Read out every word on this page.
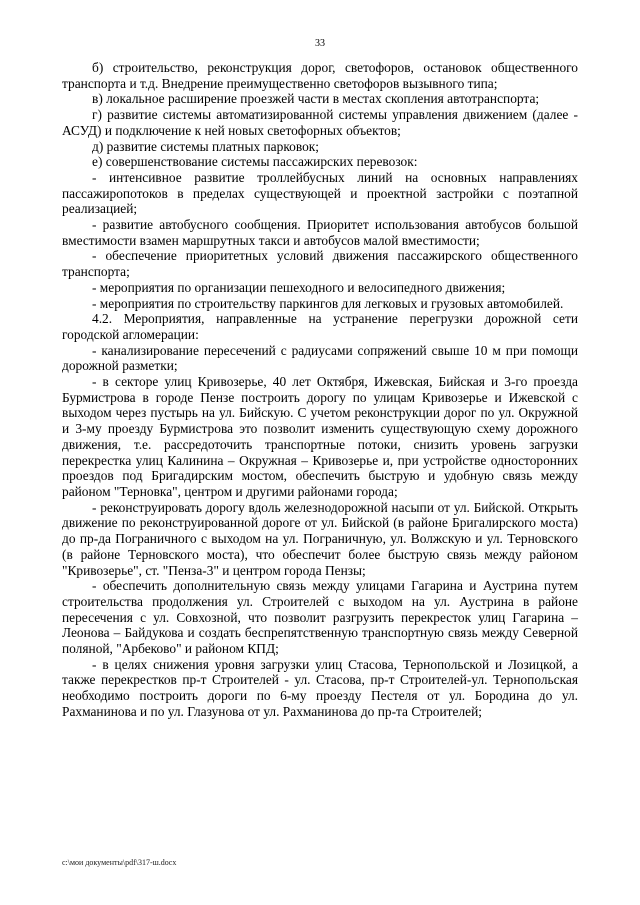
33

б) строительство, реконструкция дорог, светофоров, остановок общественного транспорта и т.д. Внедрение преимущественно светофоров вызывного типа;

в) локальное расширение проезжей части в местах скопления автотранспорта;

г) развитие системы автоматизированной системы управления движением (далее - АСУД) и подключение к ней новых светофорных объектов;

д) развитие системы платных парковок;

е) совершенствование системы пассажирских перевозок:

- интенсивное развитие троллейбусных линий на основных направлениях пассажиропотоков в пределах существующей и проектной застройки с поэтапной реализацией;

- развитие автобусного сообщения. Приоритет использования автобусов большой вместимости взамен маршрутных такси и автобусов малой вместимости;

- обеспечение приоритетных условий движения пассажирского общественного транспорта;

- мероприятия по организации пешеходного и велосипедного движения;

- мероприятия по строительству паркингов для легковых и грузовых автомобилей.

4.2. Мероприятия, направленные на устранение перегрузки дорожной сети городской агломерации:

- канализирование пересечений с радиусами сопряжений свыше 10 м при помощи дорожной разметки;

- в секторе улиц Кривозерье, 40 лет Октября, Ижевская, Бийская и 3-го проезда Бурмистрова в городе Пензе построить дорогу по улицам Кривозерье и Ижевской с выходом через пустырь на ул. Бийскую. С учетом реконструкции дорог по ул. Окружной и 3-му проезду Бурмистрова это позволит изменить существующую схему дорожного движения, т.е. рассредоточить транспортные потоки, снизить уровень загрузки перекрестка улиц Калинина – Окружная – Кривозерье и, при устройстве односторонних проездов под Бригадирским мостом, обеспечить быструю и удобную связь между районом "Терновка", центром и другими районами города;

- реконструировать дорогу вдоль железнодорожной насыпи от ул. Бийской. Открыть движение по реконструированной дороге от ул. Бийской (в районе Бригалирского моста) до пр-да Пограничного с выходом на ул. Пограничную, ул. Волжскую и ул. Терновского (в районе Терновского моста), что обеспечит более быструю связь между районом "Кривозерье", ст. "Пенза-3" и центром города Пензы;

- обеспечить дополнительную связь между улицами Гагарина и Аустрина путем строительства продолжения ул. Строителей с выходом на ул. Аустрина в районе пересечения с ул. Совхозной, что позволит разгрузить перекресток улиц Гагарина – Леонова – Байдукова и создать беспрепятственную транспортную связь между Северной поляной, "Арбеково" и районом КПД;

- в целях снижения уровня загрузки улиц Стасова, Тернопольской и Лозицкой, а также перекрестков пр-т Строителей - ул. Стасова, пр-т Строителей-ул. Тернопольская необходимо построить дороги по 6-му проезду Пестеля от ул. Бородина до ул. Рахманинова и по ул. Глазунова от ул. Рахманинова до пр-та Строителей;

c:\мои документы\pdf\317-ш.docx
